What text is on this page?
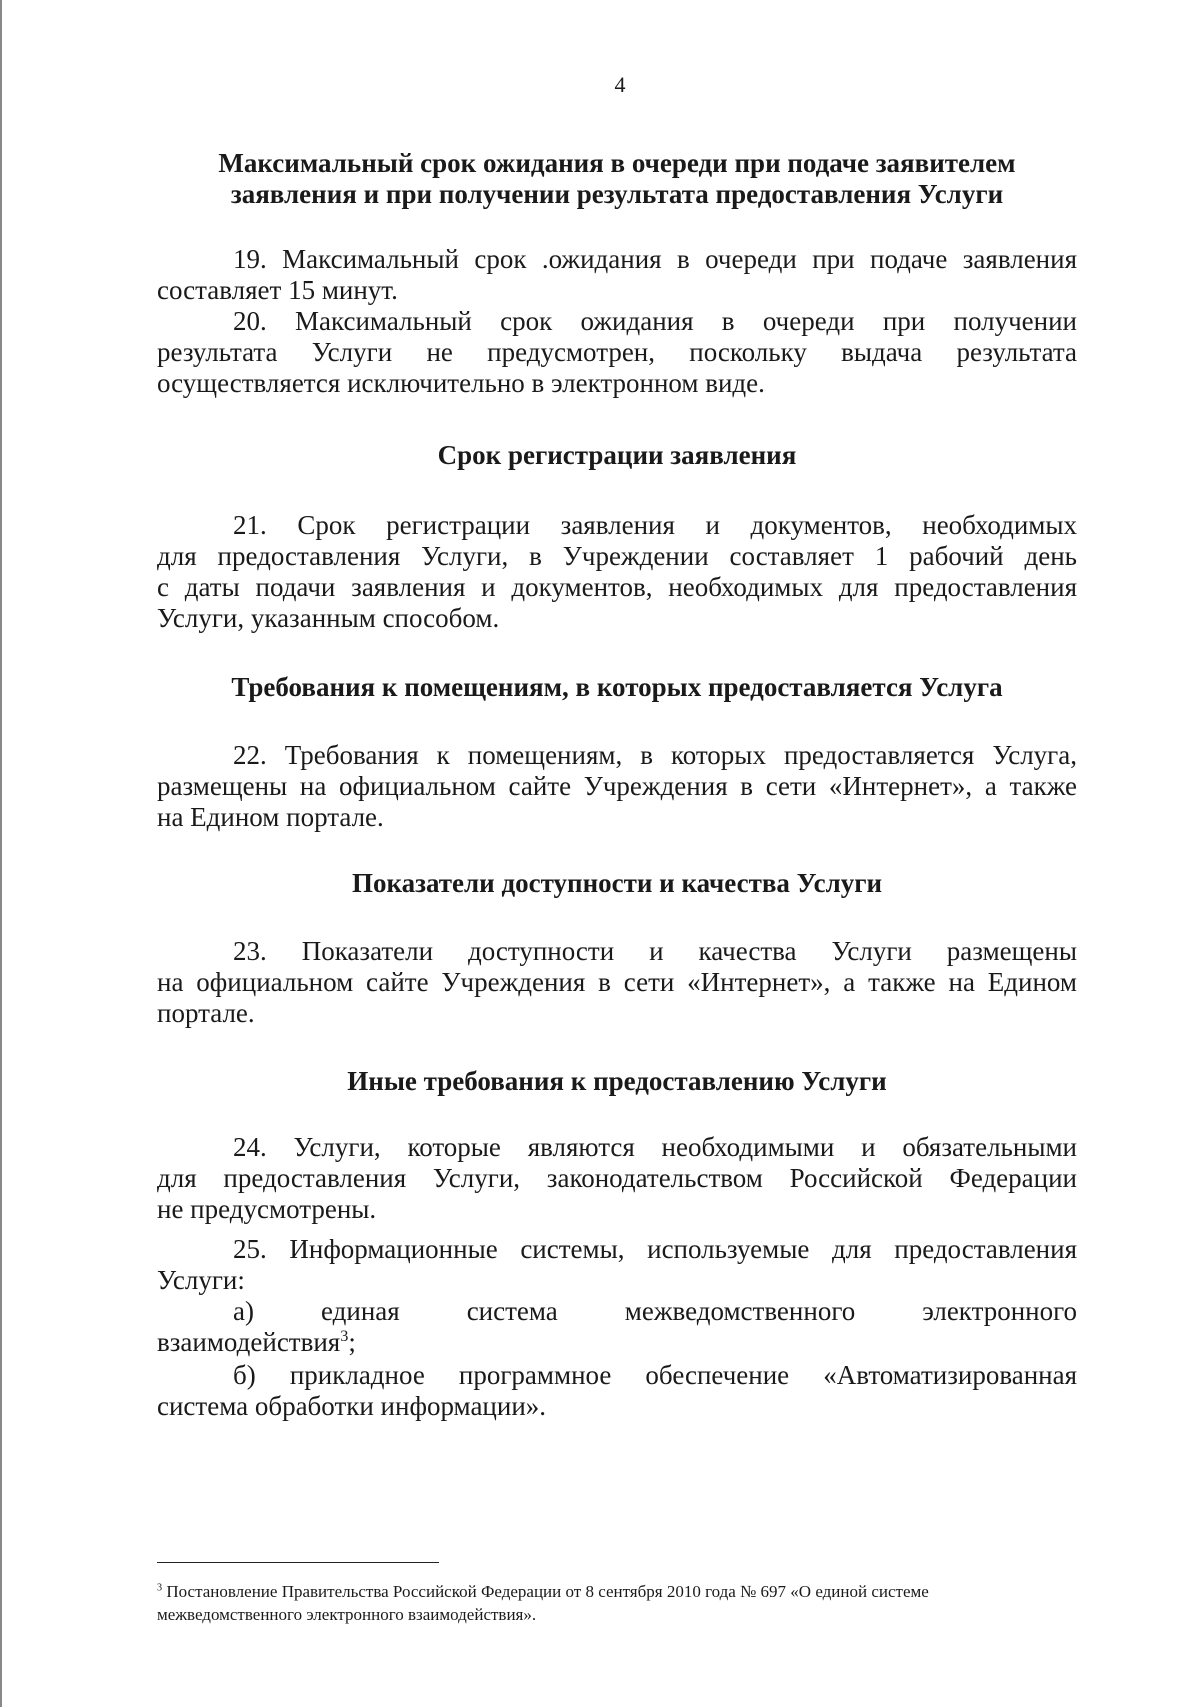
4
Максимальный срок ожидания в очереди при подаче заявителем
заявления и при получении результата предоставления Услуги
19. Максимальный срок .ожидания в очереди при подаче заявления
составляет 15 минут.
20. Максимальный срок ожидания в очереди при получении
результата Услуги не предусмотрен, поскольку выдача результата
осуществляется исключительно в электронном виде.
Срок регистрации заявления
21. Срок регистрации заявления и документов, необходимых
для предоставления Услуги, в Учреждении составляет 1 рабочий день
с даты подачи заявления и документов, необходимых для предоставления
Услуги, указанным способом.
Требования к помещениям, в которых предоставляется Услуга
22. Требования к помещениям, в которых предоставляется Услуга,
размещены на официальном сайте Учреждения в сети «Интернет», а также
на Едином портале.
Показатели доступности и качества Услуги
23. Показатели доступности и качества Услуги размещены
на официальном сайте Учреждения в сети «Интернет», а также на Едином
портале.
Иные требования к предоставлению Услуги
24. Услуги, которые являются необходимыми и обязательными
для предоставления Услуги, законодательством Российской Федерации
не предусмотрены.
25. Информационные системы, используемые для предоставления
Услуги:
а) единая система межведомственного электронного
взаимодействия$^3$;
б) прикладное программное обеспечение «Автоматизированная
система обработки информации».
$^3$ Постановление Правительства Российской Федерации от 8 сентября 2010 года № 697 «О единой системе
межведомственного электронного взаимодействия».
